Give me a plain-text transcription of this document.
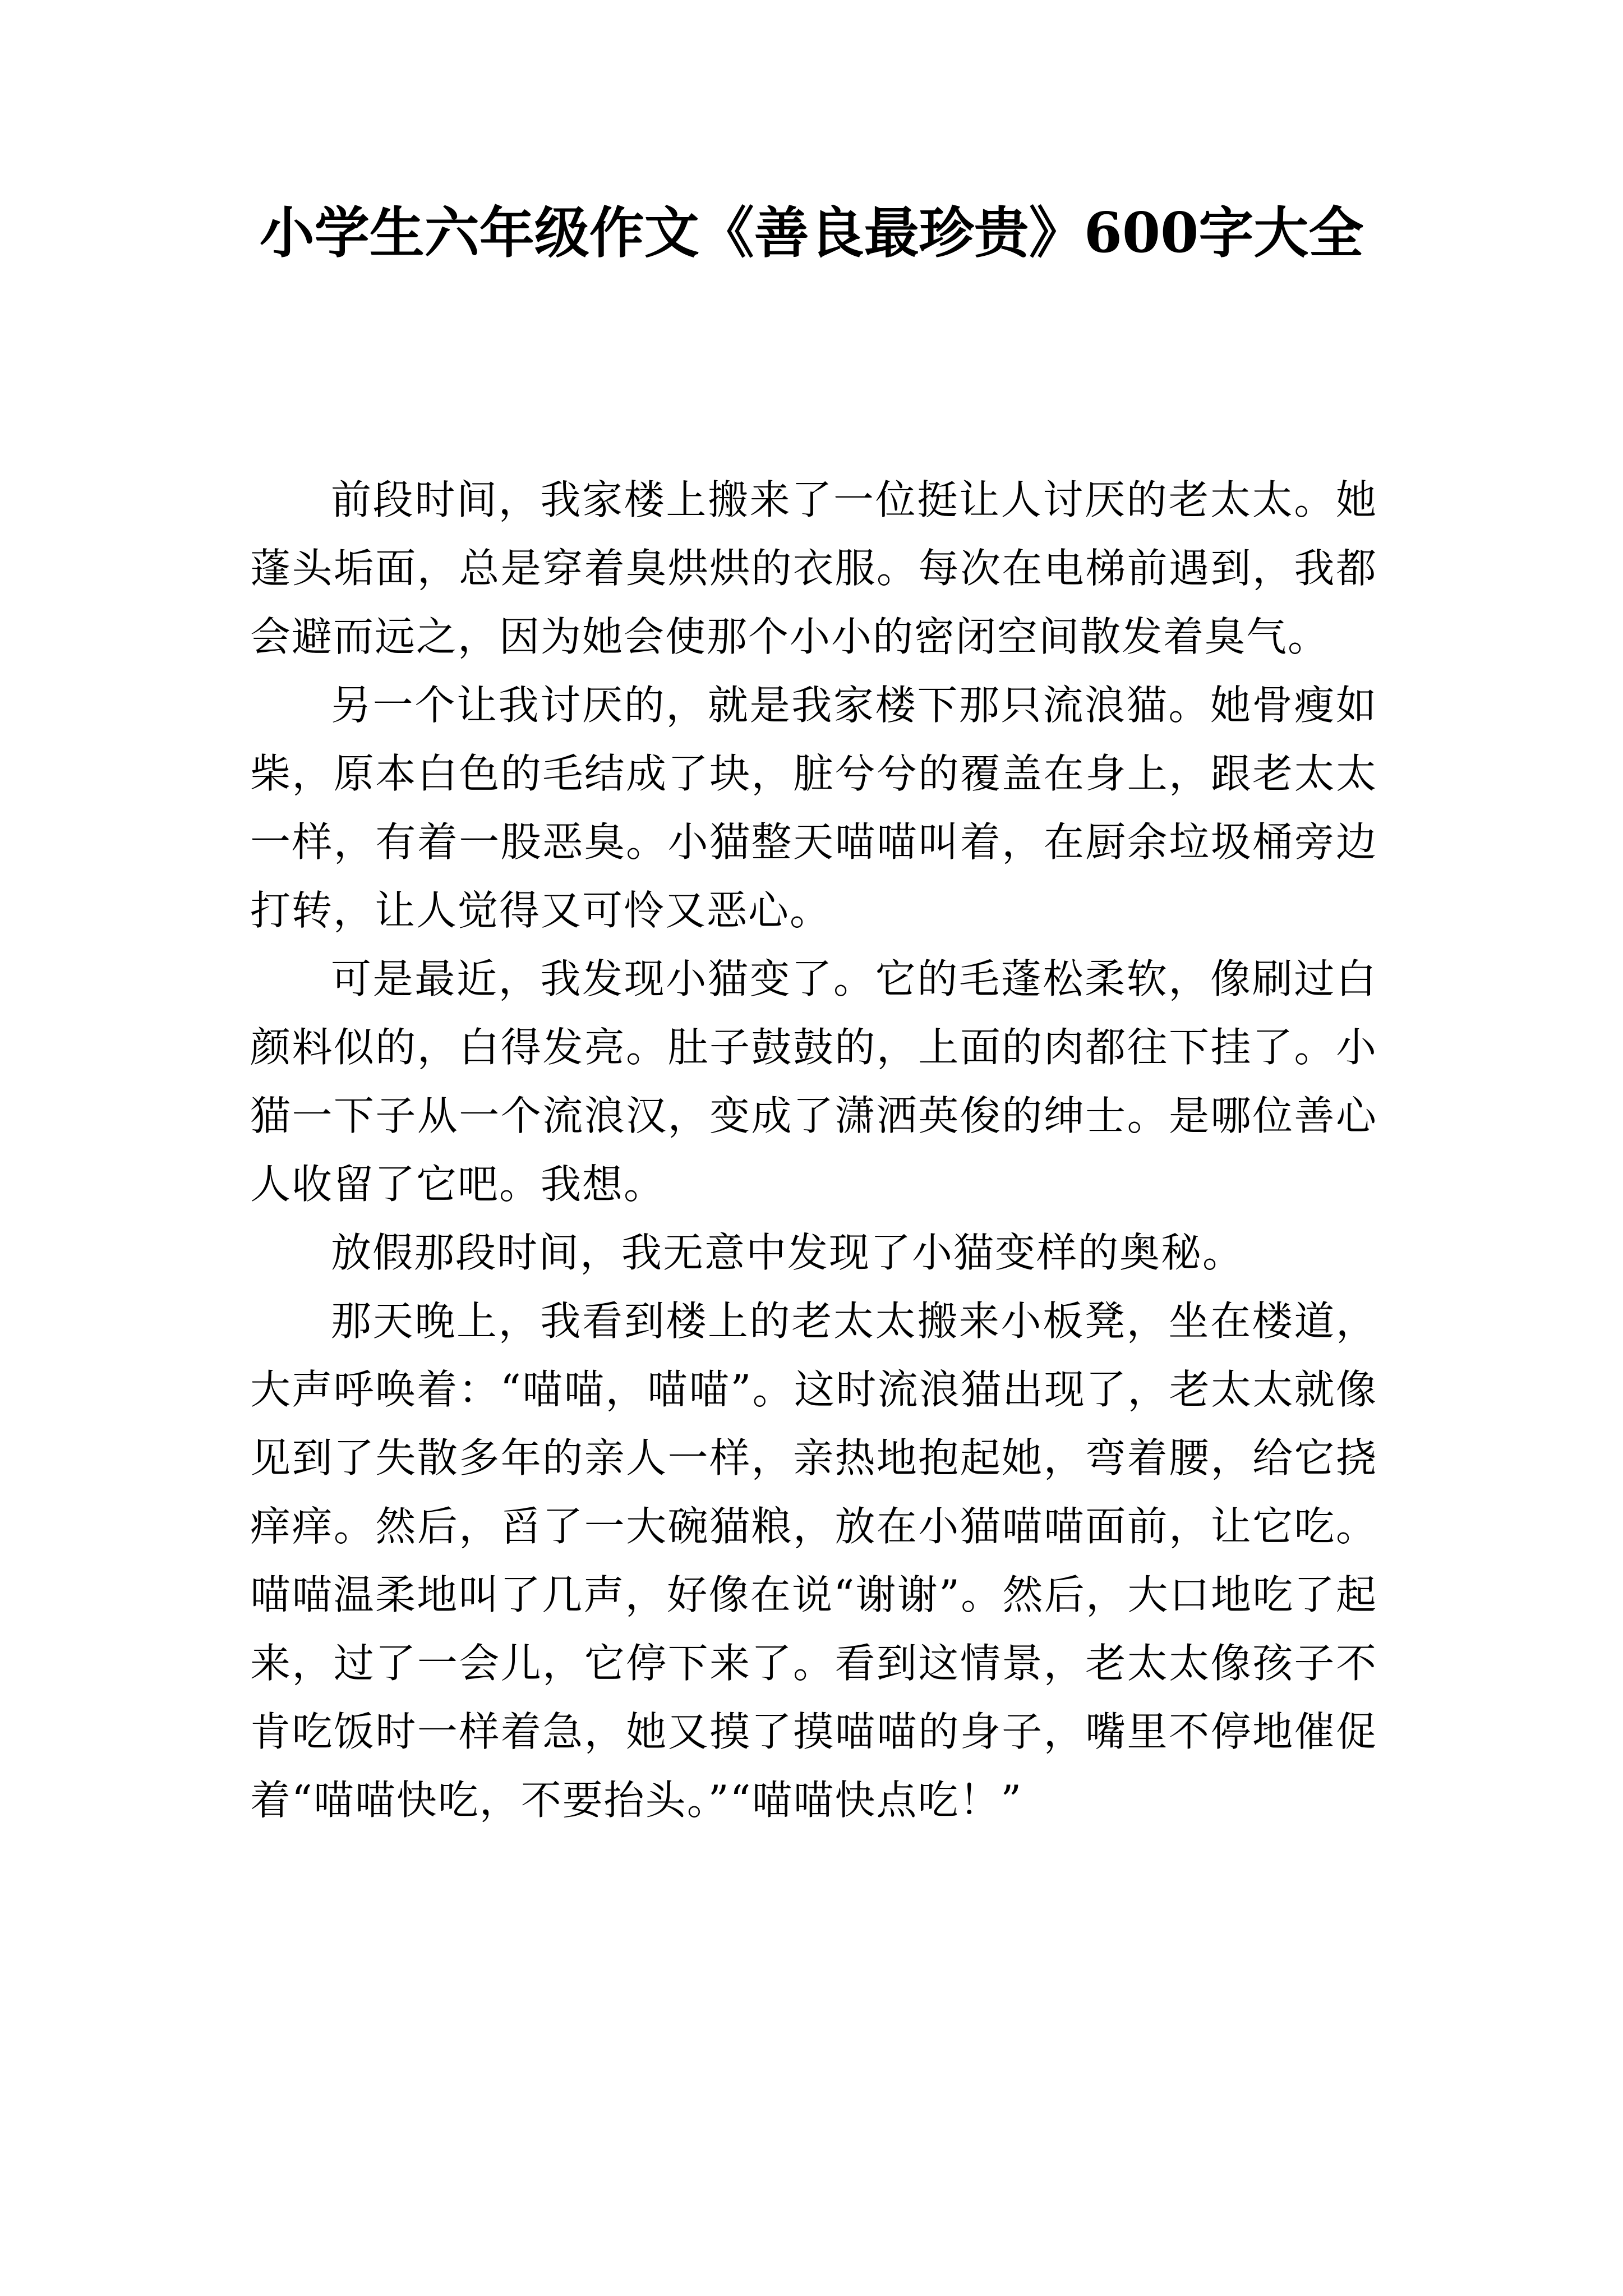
小学生六年级作文《善良最珍贵》600字大全

前段时间，我家楼上搬来了一位挺让人讨厌的老太太。她蓬头垢面，总是穿着臭烘烘的衣服。每次在电梯前遇到，我都会避而远之，因为她会使那个小小的密闭空间散发着臭气。

另一个让我讨厌的，就是我家楼下那只流浪猫。她骨瘦如柴，原本白色的毛结成了块，脏兮兮的覆盖在身上，跟老太太一样，有着一股恶臭。小猫整天喵喵叫着，在厨余垃圾桶旁边打转，让人觉得又可怜又恶心。

可是最近，我发现小猫变了。它的毛蓬松柔软，像刷过白颜料似的，白得发亮。肚子鼓鼓的，上面的肉都往下挂了。小猫一下子从一个流浪汉，变成了潇洒英俊的绅士。是哪位善心人收留了它吧。我想。

放假那段时间，我无意中发现了小猫变样的奥秘。

那天晚上，我看到楼上的老太太搬来小板凳，坐在楼道，大声呼唤着：“喵喵，喵喵”。这时流浪猫出现了，老太太就像见到了失散多年的亲人一样，亲热地抱起她，弯着腰，给它挠痒痒。然后，舀了一大碗猫粮，放在小猫喵喵面前，让它吃。喵喵温柔地叫了几声，好像在说“谢谢”。然后，大口地吃了起来，过了一会儿，它停下来了。看到这情景，老太太像孩子不肯吃饭时一样着急，她又摸了摸喵喵的身子，嘴里不停地催促着“喵喵快吃，不要抬头。”“喵喵快点吃！”
